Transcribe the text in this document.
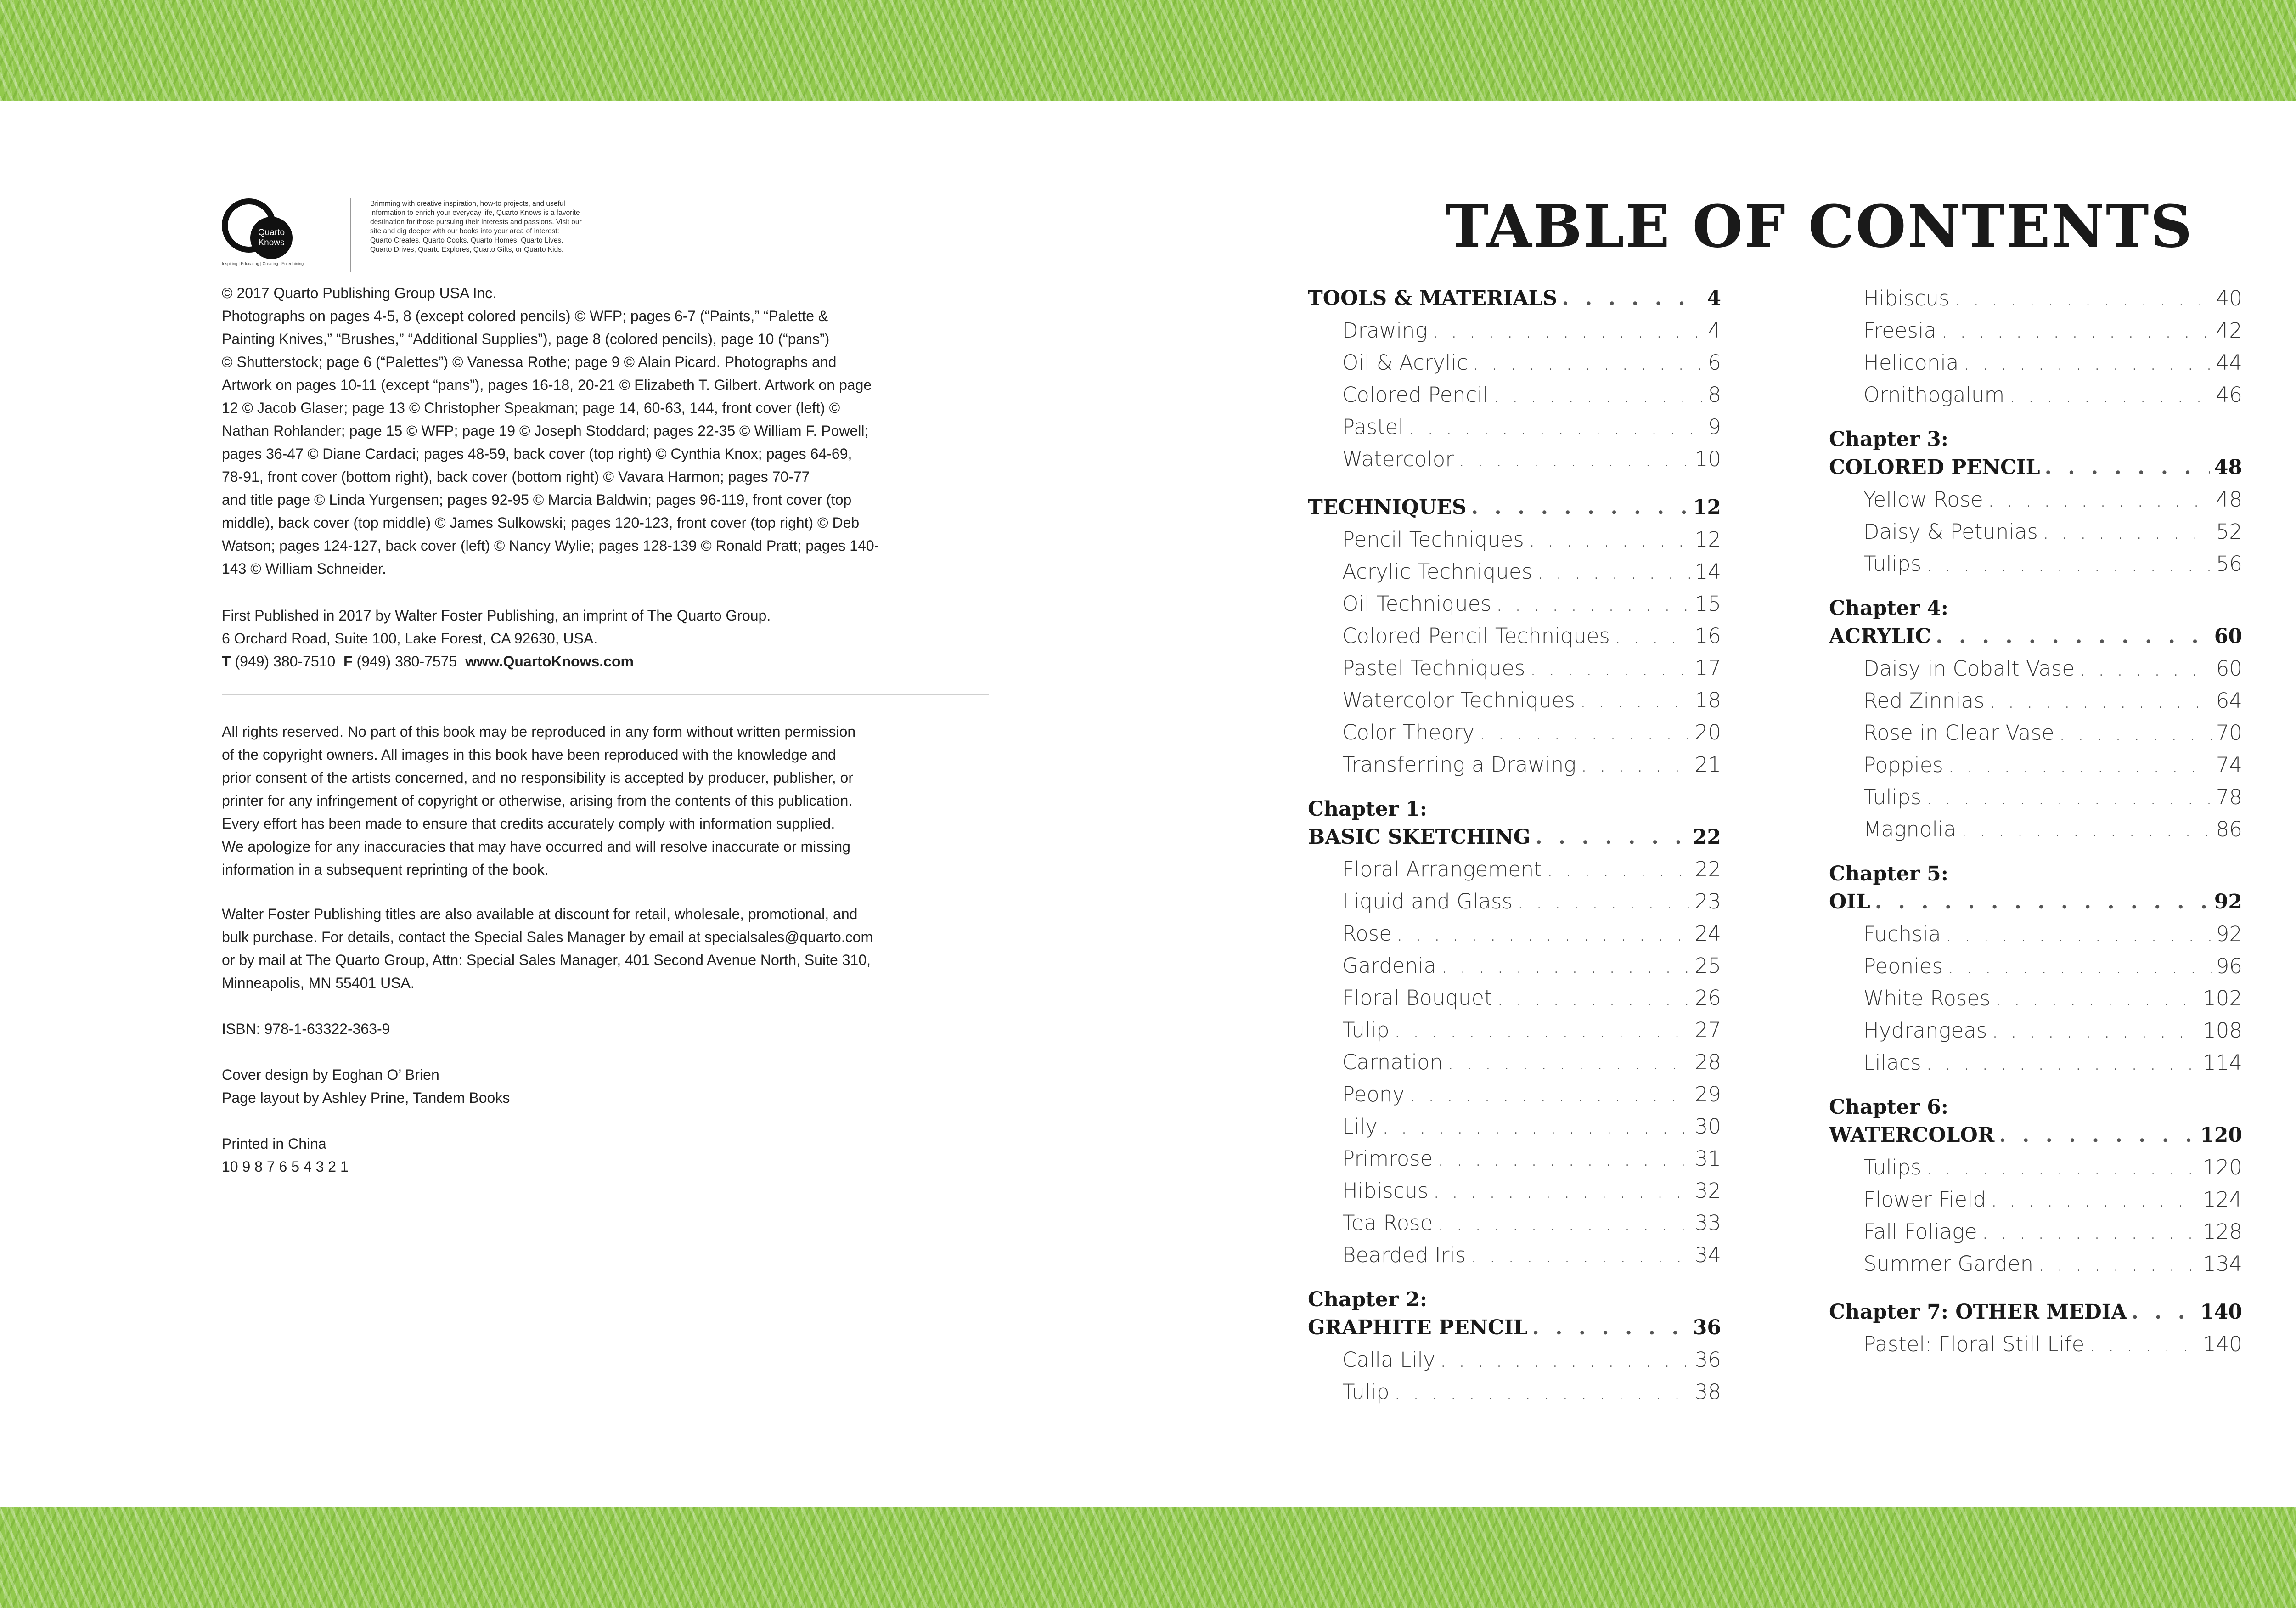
Quarto
Knows
Inspiring | Educating | Creating | Entertaining
Brimming with creative inspiration, how-to projects, and useful
information to enrich your everyday life, Quarto Knows is a favorite
destination for those pursuing their interests and passions. Visit our
site and dig deeper with our books into your area of interest:
Quarto Creates, Quarto Cooks, Quarto Homes, Quarto Lives,
Quarto Drives, Quarto Explores, Quarto Gifts, or Quarto Kids.
© 2017 Quarto Publishing Group USA Inc.
Photographs on pages 4-5, 8 (except colored pencils) © WFP; pages 6-7 (“Paints,” “Palette &
Painting Knives,” “Brushes,” “Additional Supplies”), page 8 (colored pencils), page 10 (“pans”)
© Shutterstock; page 6 (“Palettes”) © Vanessa Rothe; page 9 © Alain Picard. Photographs and
Artwork on pages 10-11 (except “pans”), pages 16-18, 20-21 © Elizabeth T. Gilbert. Artwork on page
12 © Jacob Glaser; page 13 © Christopher Speakman; page 14, 60-63, 144, front cover (left) ©
Nathan Rohlander; page 15 © WFP; page 19 © Joseph Stoddard; pages 22-35 © William F. Powell;
pages 36-47 © Diane Cardaci; pages 48-59, back cover (top right) © Cynthia Knox; pages 64-69,
78-91, front cover (bottom right), back cover (bottom right) © Vavara Harmon; pages 70-77
and title page © Linda Yurgensen; pages 92-95 © Marcia Baldwin; pages 96-119, front cover (top
middle), back cover (top middle) © James Sulkowski; pages 120-123, front cover (top right) © Deb
Watson; pages 124-127, back cover (left) © Nancy Wylie; pages 128-139 © Ronald Pratt; pages 140-
143 © William Schneider.
First Published in 2017 by Walter Foster Publishing, an imprint of The Quarto Group.
6 Orchard Road, Suite 100, Lake Forest, CA 92630, USA.
T (949) 380-7510 F (949) 380-7575 www.QuartoKnows.com
All rights reserved. No part of this book may be reproduced in any form without written permission
of the copyright owners. All images in this book have been reproduced with the knowledge and
prior consent of the artists concerned, and no responsibility is accepted by producer, publisher, or
printer for any infringement of copyright or otherwise, arising from the contents of this publication.
Every effort has been made to ensure that credits accurately comply with information supplied.
We apologize for any inaccuracies that may have occurred and will resolve inaccurate or missing
information in a subsequent reprinting of the book.
Walter Foster Publishing titles are also available at discount for retail, wholesale, promotional, and
bulk purchase. For details, contact the Special Sales Manager by email at specialsales@quarto.com
or by mail at The Quarto Group, Attn: Special Sales Manager, 401 Second Avenue North, Suite 310,
Minneapolis, MN 55401 USA.
ISBN: 978-1-63322-363-9
Cover design by Eoghan O’ Brien
Page layout by Ashley Prine, Tandem Books
Printed in China
10 9 8 7 6 5 4 3 2 1
TABLE OF CONTENTS
TOOLS & MATERIALS . . .	4
Drawing . . .	4
Oil & Acrylic . . .	6
Colored Pencil . . .	8
Pastel . . .	9
Watercolor . . .	10
TECHNIQUES . . .	12
Pencil Techniques . . .	12
Acrylic Techniques . . .	14
Oil Techniques . . .	15
Colored Pencil Techniques . . .	16
Pastel Techniques . . .	17
Watercolor Techniques . . .	18
Color Theory . . .	20
Transferring a Drawing . . .	21
Chapter 1:
BASIC SKETCHING . . .	22
Floral Arrangement . . .	22
Liquid and Glass . . .	23
Rose . . .	24
Gardenia . . .	25
Floral Bouquet . . .	26
Tulip . . .	27
Carnation . . .	28
Peony . . .	29
Lily . . .	30
Primrose . . .	31
Hibiscus . . .	32
Tea Rose . . .	33
Bearded Iris . . .	34
Chapter 2:
GRAPHITE PENCIL . . .	36
Calla Lily . . .	36
Tulip . . .	38
Hibiscus . . .	40
Freesia . . .	42
Heliconia . . .	44
Ornithogalum . . .	46
Chapter 3:
COLORED PENCIL . . .	48
Yellow Rose . . .	48
Daisy & Petunias . . .	52
Tulips . . .	56
Chapter 4:
ACRYLIC . . .	60
Daisy in Cobalt Vase . . .	60
Red Zinnias . . .	64
Rose in Clear Vase . . .	70
Poppies . . .	74
Tulips . . .	78
Magnolia . . .	86
Chapter 5:
OIL . . .	92
Fuchsia . . .	92
Peonies . . .	96
White Roses . . .	102
Hydrangeas . . .	108
Lilacs . . .	114
Chapter 6:
WATERCOLOR . . .	120
Tulips . . .	120
Flower Field . . .	124
Fall Foliage . . .	128
Summer Garden . . .	134
Chapter 7: OTHER MEDIA . . .	140
Pastel: Floral Still Life . . .	140
